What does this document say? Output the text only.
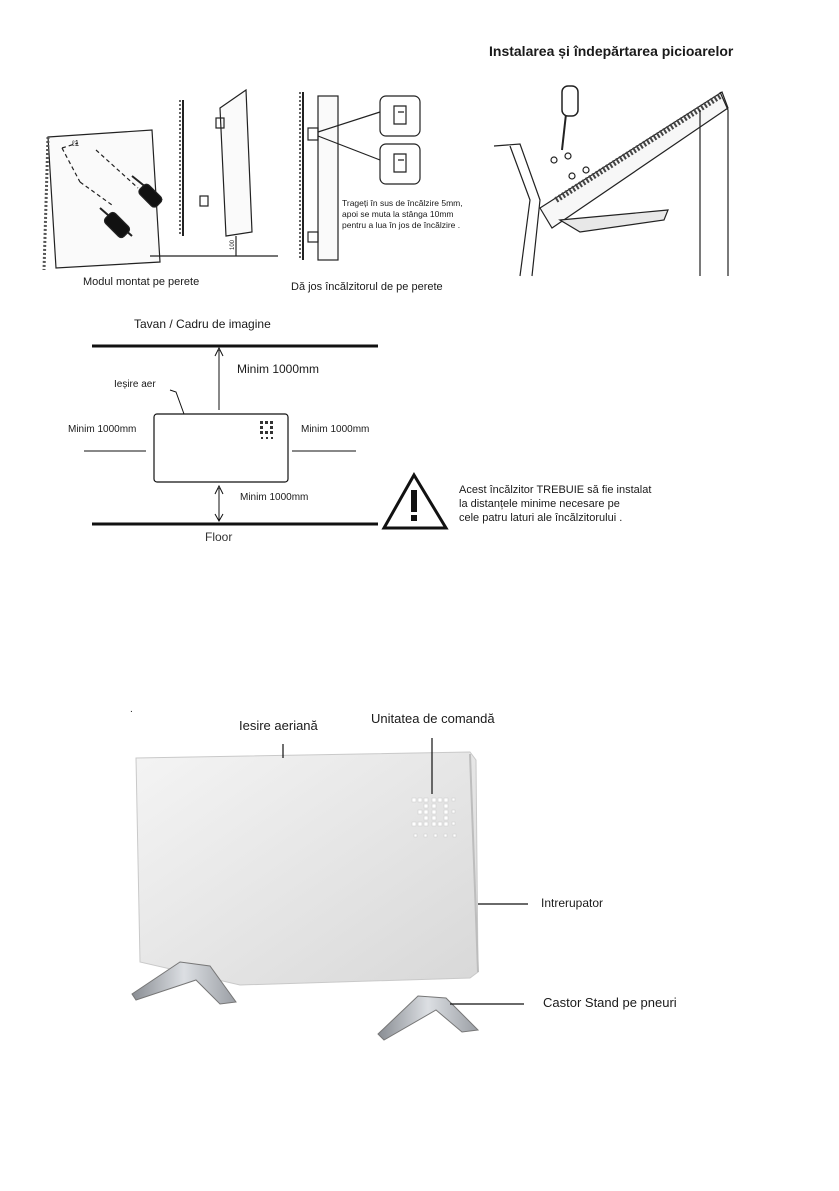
ℓ1
100
Instalarea și îndepărtarea picioarelor
Modul montat pe perete	Dă jos încălzitorul de pe perete
Trageți în sus de încălzire 5mm,
apoi se muta la stânga 10mm
pentru a lua în jos de încălzire .
Tavan / Cadru de imagine
Minim 1000mm
Ieșire aer
Minim 1000mm	Minim 1000mm
Minim 1000mm
Floor
Acest încălzitor TREBUIE să fie instalat
la distanțele minime necesare pe
cele patru laturi ale încălzitorului .
.
Iesire aeriană	Unitatea de comandă
Intrerupator
Castor Stand pe pneuri
